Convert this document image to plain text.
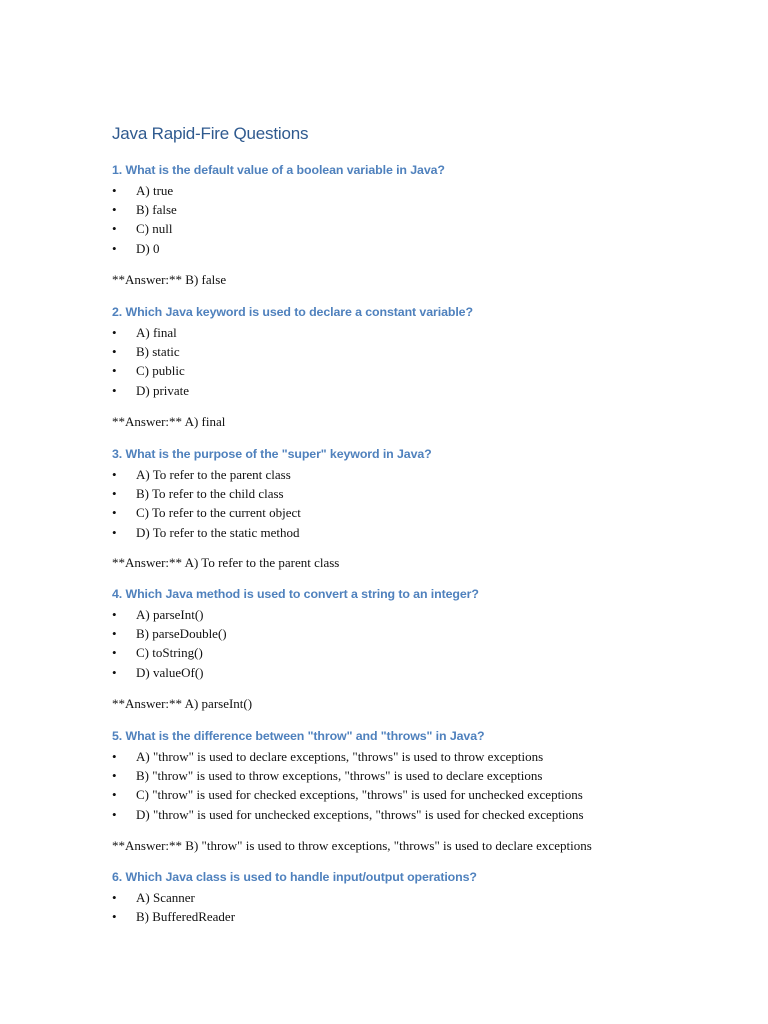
Java Rapid-Fire Questions
1. What is the default value of a boolean variable in Java?
• A) true
• B) false
• C) null
• D) 0

**Answer:** B) false

2. Which Java keyword is used to declare a constant variable?
• A) final
• B) static
• C) public
• D) private

**Answer:** A) final

3. What is the purpose of the "super" keyword in Java?
• A) To refer to the parent class
• B) To refer to the child class
• C) To refer to the current object
• D) To refer to the static method

**Answer:** A) To refer to the parent class

4. Which Java method is used to convert a string to an integer?
• A) parseInt()
• B) parseDouble()
• C) toString()
• D) valueOf()

**Answer:** A) parseInt()

5. What is the difference between "throw" and "throws" in Java?
• A) "throw" is used to declare exceptions, "throws" is used to throw exceptions
• B) "throw" is used to throw exceptions, "throws" is used to declare exceptions
• C) "throw" is used for checked exceptions, "throws" is used for unchecked exceptions
• D) "throw" is used for unchecked exceptions, "throws" is used for checked exceptions

**Answer:** B) "throw" is used to throw exceptions, "throws" is used to declare exceptions

6. Which Java class is used to handle input/output operations?
• A) Scanner
• B) BufferedReader
